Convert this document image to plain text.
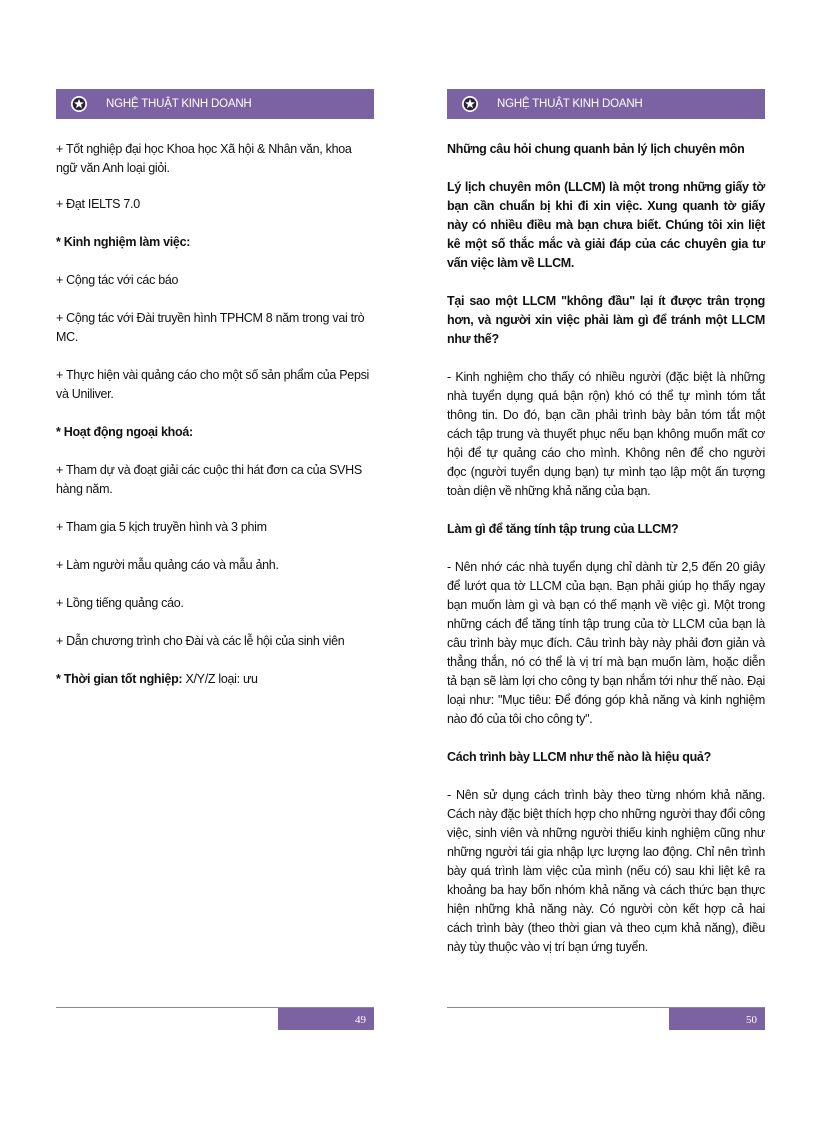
NGHỆ THUẬT KINH DOANH

+ Tốt nghiệp đại học Khoa học Xã hội & Nhân văn, khoa ngữ văn Anh loại giỏi.

+ Đạt IELTS 7.0

* Kinh nghiệm làm việc:

+ Cộng tác với các báo

+ Cộng tác với Đài truyền hình TPHCM 8 năm trong vai trò MC.

+ Thực hiện vài quảng cáo cho một số sản phẩm của Pepsi và Uniliver.

* Hoạt động ngoại khoá:

+ Tham dự và đoạt giải các cuộc thi hát đơn ca của SVHS hàng năm.

+ Tham gia 5 kịch truyền hình và 3 phim

+ Làm người mẫu quảng cáo và mẫu ảnh.

+ Lồng tiếng quảng cáo.

+ Dẫn chương trình cho Đài và các lễ hội của sinh viên

* Thời gian tốt nghiệp: X/Y/Z loại: ưu

49
NGHỆ THUẬT KINH DOANH

Những câu hỏi chung quanh bản lý lịch chuyên môn

Lý lịch chuyên môn (LLCM) là một trong những giấy tờ bạn cần chuẩn bị khi đi xin việc. Xung quanh tờ giấy này có nhiều điều mà bạn chưa biết. Chúng tôi xin liệt kê một số thắc mắc và giải đáp của các chuyên gia tư vấn việc làm về LLCM.

Tại sao một LLCM "không đầu" lại ít được trân trọng hơn, và người xin việc phải làm gì để tránh một LLCM như thế?

- Kinh nghiệm cho thấy có nhiều người (đặc biệt là những nhà tuyển dụng quá bận rộn) khó có thể tự mình tóm tắt thông tin. Do đó, bạn cần phải trình bày bản tóm tắt một cách tập trung và thuyết phục nếu bạn không muốn mất cơ hội để tự quảng cáo cho mình. Không nên để cho người đọc (người tuyển dụng bạn) tự mình tạo lập một ấn tượng toàn diện về những khả năng của bạn.

Làm gì để tăng tính tập trung của LLCM?

- Nên nhớ các nhà tuyển dụng chỉ dành từ 2,5 đến 20 giây để lướt qua tờ LLCM của bạn. Bạn phải giúp họ thấy ngay bạn muốn làm gì và bạn có thế mạnh về việc gì. Một trong những cách để tăng tính tập trung của tờ LLCM của bạn là câu trình bày mục đích. Câu trình bày này phải đơn giản và thẳng thắn, nó có thể là vị trí mà bạn muốn làm, hoặc diễn tả bạn sẽ làm lợi cho công ty bạn nhắm tới như thế nào. Đại loại như: "Mục tiêu: Để đóng góp khả năng và kinh nghiệm nào đó của tôi cho công ty".

Cách trình bày LLCM như thế nào là hiệu quả?

- Nên sử dụng cách trình bày theo từng nhóm khả năng. Cách này đặc biệt thích hợp cho những người thay đổi công việc, sinh viên và những người thiếu kinh nghiệm cũng như những người tái gia nhập lực lượng lao động. Chỉ nên trình bày quá trình làm việc của mình (nếu có) sau khi liệt kê ra khoảng ba hay bốn nhóm khả năng và cách thức bạn thực hiện những khả năng này. Có người còn kết hợp cả hai cách trình bày (theo thời gian và theo cụm khả năng), điều này tùy thuộc vào vị trí bạn ứng tuyển.

50
